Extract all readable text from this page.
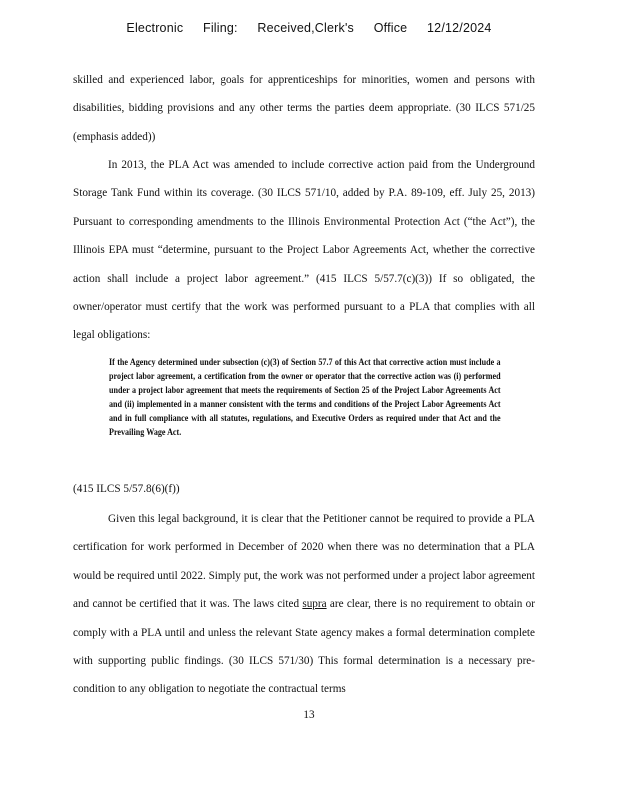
Electronic Filing: Received,Clerk's Office 12/12/2024
skilled and experienced labor, goals for apprenticeships for minorities, women and persons with disabilities, bidding provisions and any other terms the parties deem appropriate. (30 ILCS 571/25 (emphasis added))
In 2013, the PLA Act was amended to include corrective action paid from the Underground Storage Tank Fund within its coverage. (30 ILCS 571/10, added by P.A. 89-109, eff. July 25, 2013) Pursuant to corresponding amendments to the Illinois Environmental Protection Act (“the Act”), the Illinois EPA must “determine, pursuant to the Project Labor Agreements Act, whether the corrective action shall include a project labor agreement.” (415 ILCS 5/57.7(c)(3)) If so obligated, the owner/operator must certify that the work was performed pursuant to a PLA that complies with all legal obligations:
If the Agency determined under subsection (c)(3) of Section 57.7 of this Act that corrective action must include a project labor agreement, a certification from the owner or operator that the corrective action was (i) performed under a project labor agreement that meets the requirements of Section 25 of the Project Labor Agreements Act and (ii) implemented in a manner consistent with the terms and conditions of the Project Labor Agreements Act and in full compliance with all statutes, regulations, and Executive Orders as required under that Act and the Prevailing Wage Act.
(415 ILCS 5/57.8(6)(f))
Given this legal background, it is clear that the Petitioner cannot be required to provide a PLA certification for work performed in December of 2020 when there was no determination that a PLA would be required until 2022. Simply put, the work was not performed under a project labor agreement and cannot be certified that it was. The laws cited supra are clear, there is no requirement to obtain or comply with a PLA until and unless the relevant State agency makes a formal determination complete with supporting public findings. (30 ILCS 571/30) This formal determination is a necessary pre-condition to any obligation to negotiate the contractual terms
13
